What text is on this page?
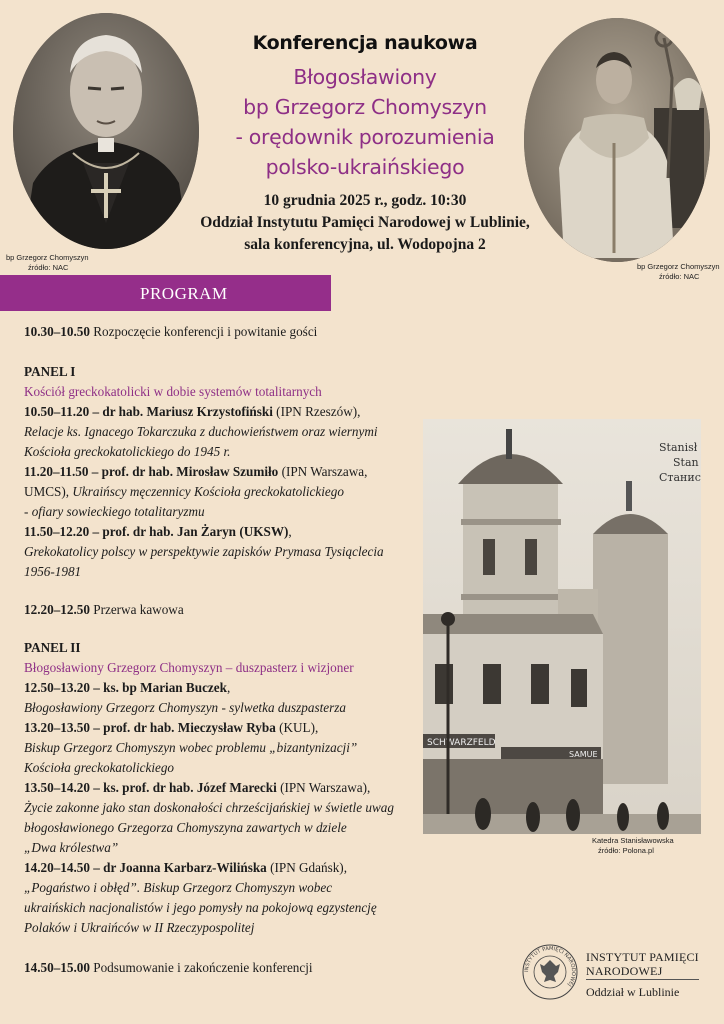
bp Grzegorz Chomyszyn
źródło: NAC	bp Grzegorz Chomyszyn
źródło: NAC
Konferencja naukowa
Błogosławiony
bp Grzegorz Chomyszyn
- orędownik porozumienia
polsko-ukraińskiego
10 grudnia 2025 r., godz. 10:30
Oddział Instytutu Pamięci Narodowej w Lublinie,
sala konferencyjna, ul. Wodopojna 2
PROGRAM
10.30–10.50 Rozpoczęcie konferencji i powitanie gości
PANEL I
Kościół greckokatolicki w dobie systemów totalitarnych
10.50–11.20 – dr hab. Mariusz Krzystofiński (IPN Rzeszów),
Relacje ks. Ignacego Tokarczuka z duchowieństwem oraz wiernymi
Kościoła greckokatolickiego do 1945 r.
11.20–11.50 – prof. dr hab. Mirosław Szumiło (IPN Warszawa,
UMCS), Ukraińscy męczennicy Kościoła greckokatolickiego
- ofiary sowieckiego totalitaryzmu
11.50–12.20 – prof. dr hab. Jan Żaryn (UKSW),
Grekokatolicy polscy w perspektywie zapisków Prymasa Tysiąclecia
1956-1981
12.20–12.50 Przerwa kawowa
PANEL II
Błogosławiony Grzegorz Chomyszyn – duszpasterz i wizjoner
12.50–13.20 – ks. bp Marian Buczek,
Błogosławiony Grzegorz Chomyszyn - sylwetka duszpasterza
13.20–13.50 – prof. dr hab. Mieczysław Ryba (KUL),
Biskup Grzegorz Chomyszyn wobec problemu „bizantynizacji”
Kościoła greckokatolickiego
13.50–14.20 – ks. prof. dr hab. Józef Marecki (IPN Warszawa),
Życie zakonne jako stan doskonałości chrześcijańskiej w świetle uwag
błogosławionego Grzegorza Chomyszyna zawartych w dziele
„Dwa królestwa”
14.20–14.50 – dr Joanna Karbarz-Wilińska (IPN Gdańsk),
„Pogaństwo i obłęd”. Biskup Grzegorz Chomyszyn wobec
ukraińskich nacjonalistów i jego pomysły na pokojową egzystencję
Polaków i Ukraińców w II Rzeczypospolitej
14.50–15.00 Podsumowanie i zakończenie konferencji
SCHWARZFELD
SAMUE
Stanisł
Stan
Станис
Katedra Stanisławowska
źródło: Polona.pl
INSTYTUT PAMIĘCI NARODOWEJ
INSTYTUT PAMIĘCI
NARODOWEJ
Oddział w Lublinie
